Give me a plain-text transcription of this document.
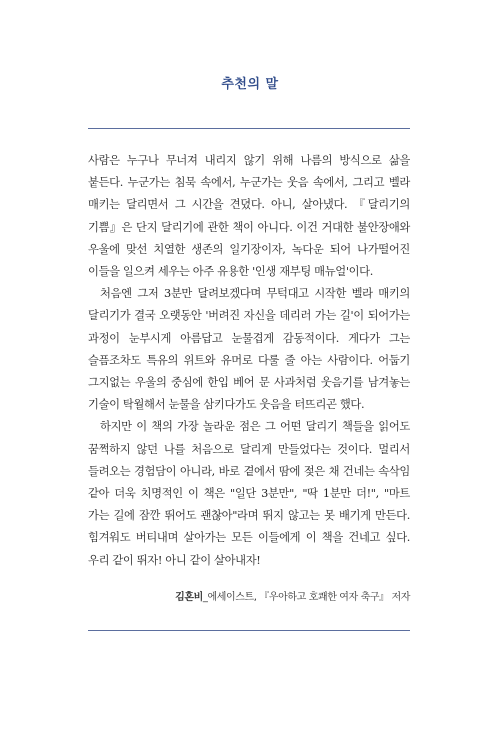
추천의 말

사람은 누구나 무너져 내리지 않기 위해 나름의 방식으로 삶을 붙든다. 누군가는 침묵 속에서, 누군가는 웃음 속에서, 그리고 벨라 매키는 달리면서 그 시간을 견뎠다. 아니, 살아냈다. 『달리기의 기쁨』은 단지 달리기에 관한 책이 아니다. 이건 거대한 불안장애와 우울에 맞선 치열한 생존의 일기장이자, 녹다운 되어 나가떨어진 이들을 일으켜 세우는 아주 유용한 '인생 재부팅 매뉴얼'이다.

처음엔 그저 3분만 달려보겠다며 무턱대고 시작한 벨라 매키의 달리기가 결국 오랫동안 '버려진 자신을 데리러 가는 길'이 되어가는 과정이 눈부시게 아름답고 눈물겹게 감동적이다. 게다가 그는 슬픔조차도 특유의 위트와 유머로 다룰 줄 아는 사람이다. 어둡기 그지없는 우울의 중심에 한입 베어 문 사과처럼 웃음기를 남겨놓는 기술이 탁월해서 눈물을 삼키다가도 웃음을 터뜨리곤 했다.

하지만 이 책의 가장 놀라운 점은 그 어떤 달리기 책들을 읽어도 꿈쩍하지 않던 나를 처음으로 달리게 만들었다는 것이다. 멀리서 들려오는 경험담이 아니라, 바로 곁에서 땀에 젖은 채 건네는 속삭임 같아 더욱 치명적인 이 책은 "일단 3분만", "딱 1분만 더!", "마트 가는 길에 잠깐 뛰어도 괜찮아"라며 뛰지 않고는 못 배기게 만든다. 힘겨워도 버티내며 살아가는 모든 이들에게 이 책을 건네고 싶다. 우리 같이 뛰자! 아니 같이 살아내자!

김혼비_에세이스트, 『우아하고 호쾌한 여자 축구』 저자
